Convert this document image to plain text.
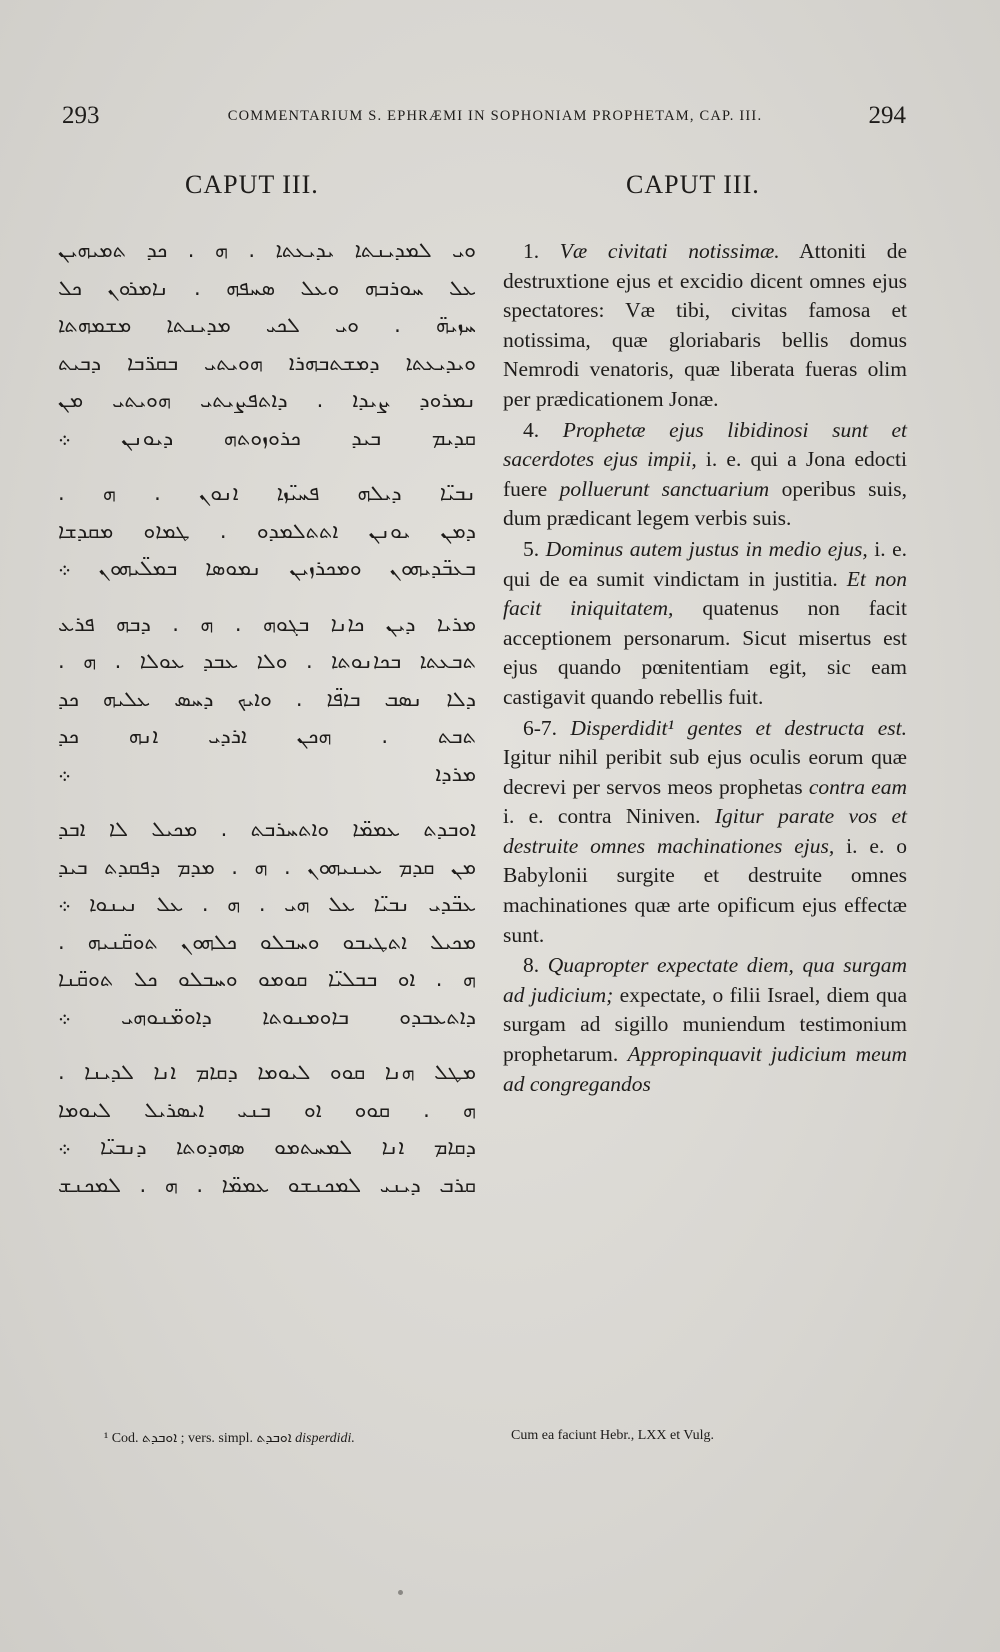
293	COMMENTARIUM S. EPHRÆMI IN SOPHONIAM PROPHETAM, CAP. III.	294
CAPUT III.	CAPUT III.
ܘܝ ܠܡܕܝܢܬܐ ܝܕܝܥܬܐ . ܗ . ܟܕ ܬܡܝܗܝܢ
ܥܠ ܚܘܪܒܗ ܘܥܠ ܣܚܦܗ . ܢܐܡܪܘܢ ܟܠ
ܚܙܝܗ̈ . ܘܝ ܠܟܝ ܡܕܝܢܬܐ ܡܫܡܗܬܐ
ܘܝܕܝܥܬܐ ܕܡܫܬܒܗܪܐ ܗܘܝܬܝ ܒܩܪ̈ܒܐ ܕܒܝܬ
ܢܡܪܘܕ ܨܝܕܐ . ܕܐܬܦܨܝܬܝ ܗܘܝܬܝ ܡܢ
ܩܕܝܡ ܒܝܕ ܟܪܘܙܘܬܗ ܕܝܘܢܢ ܀
ܢܒܝ̈ܐ ܕܝܠܗ ܦܚܝ̈ܙܐ ܐܢܘܢ . ܗ .
ܕܡܢ ܝܘܢܢ ܐܬܬܠܡܕܘ . ܛܡܐܘ ܡܩܕܫܐ
ܒܥܒ̈ܕܝܗܘܢ ܘܡܟܪܙܝܢ ܢܡܘܣܐ ܒܡܠ̈ܝܗܘܢ ܀
ܡܪܝܐ ܕܝܢ ܟܐܢܐ ܒܓܘܗ . ܗ . ܕܒܗ ܦܪܥ
ܬܒܥܬܐ ܒܟܐܢܘܬܐ . ܘܠܐ ܥܒܕ ܥܘܠܐ . ܗ .
ܕܠܐ ܢܣܒ ܒܐܦ̈ܐ . ܘܐܝܟ ܕܚܣ ܥܠܝܗ ܟܕ
ܬܒܬ . ܗܟܢ ܐܪܕܝ ܐܢܗ ܟܕ
ܡܪܕܐ ܀
ܐܘܒܕܬ ܥܡܡ̈ܐ ܘܐܬܚܪܒܬ . ܡܟܝܠ ܠܐ ܐܒܕ
ܡܢ ܩܕܡ ܥܝܢܝܗܘܢ . ܗ . ܡܕܡ ܕܦܩܕܬ ܒܝܕ
ܥܒ̈ܕܝ ܢܒܝ̈ܐ ܥܠ ܗܝ . ܗ . ܥܠ ܢܝܢܘܐ ܀
ܡܟܝܠ ܐܬܛܝܒܘ ܘܚܒܠܘ ܟܠܗܘܢ ܬܘܩ̈ܢܝܗ .
ܗ . ܐܘ ܒܒܠܝ̈ܐ ܩܘܡܘ ܘܚܒܠܘ ܟܠ ܬܘܩ̈ܢܐ
ܕܐܬܥܒܕܘ ܒܐܘܡܢܘܬܐ ܕܐܘܡ̈ܢܘܗܝ ܀
ܡܛܠ ܗܢܐ ܩܘܘ ܠܝܘܡܐ ܕܩܐܡ ܐܢܐ ܠܕܝܢܐ .
ܗ . ܩܘܘ ܐܘ ܒܢܝ ܐܝܣܪܝܠ ܠܝܘܡܐ
ܕܩܐܡ ܐܢܐ ܠܡܚܬܡܘ ܣܗܕܘܬܐ ܕܢܒܝ̈ܐ ܀
ܩܪܒ ܕܝܢܝ ܠܡܟܢܫܘ ܥܡܡ̈ܐ . ܗ . ܠܡܟܢܫ

1. Væ civitati notissimæ. Attoniti de destruxtione ejus et excidio dicent omnes ejus spectatores: Væ tibi, civitas famosa et notissima, quæ gloriabaris bellis domus Nemrodi venatoris, quæ liberata fueras olim per prædicationem Jonæ.

4. Prophetæ ejus libidinosi sunt et sacerdotes ejus impii, i. e. qui a Jona edocti fuere polluerunt sanctuarium operibus suis, dum prædicant legem verbis suis.

5. Dominus autem justus in medio ejus, i. e. qui de ea sumit vindictam in justitia. Et non facit iniquitatem, quatenus non facit acceptionem personarum. Sicut misertus est ejus quando pœnitentiam egit, sic eam castigavit quando rebellis fuit.

6-7. Disperdidit¹ gentes et destructa est. Igitur nihil peribit sub ejus oculis eorum quæ decrevi per servos meos prophetas contra eam i. e. contra Niniven. Igitur parate vos et destruite omnes machinationes ejus, i. e. o Babylonii surgite et destruite omnes machinationes quæ arte opificum ejus effectæ sunt.

8. Quapropter expectate diem, qua surgam ad judicium; expectate, o filii Israel, diem qua surgam ad sigillo muniendum testimonium prophetarum. Appropinquavit judicium meum ad congregandos

¹ Cod. ܐܘܒܕܬ ; vers. simpl. ܐܘܒܕܬ disperdidi.	Cum ea faciunt Hebr., LXX et Vulg.
